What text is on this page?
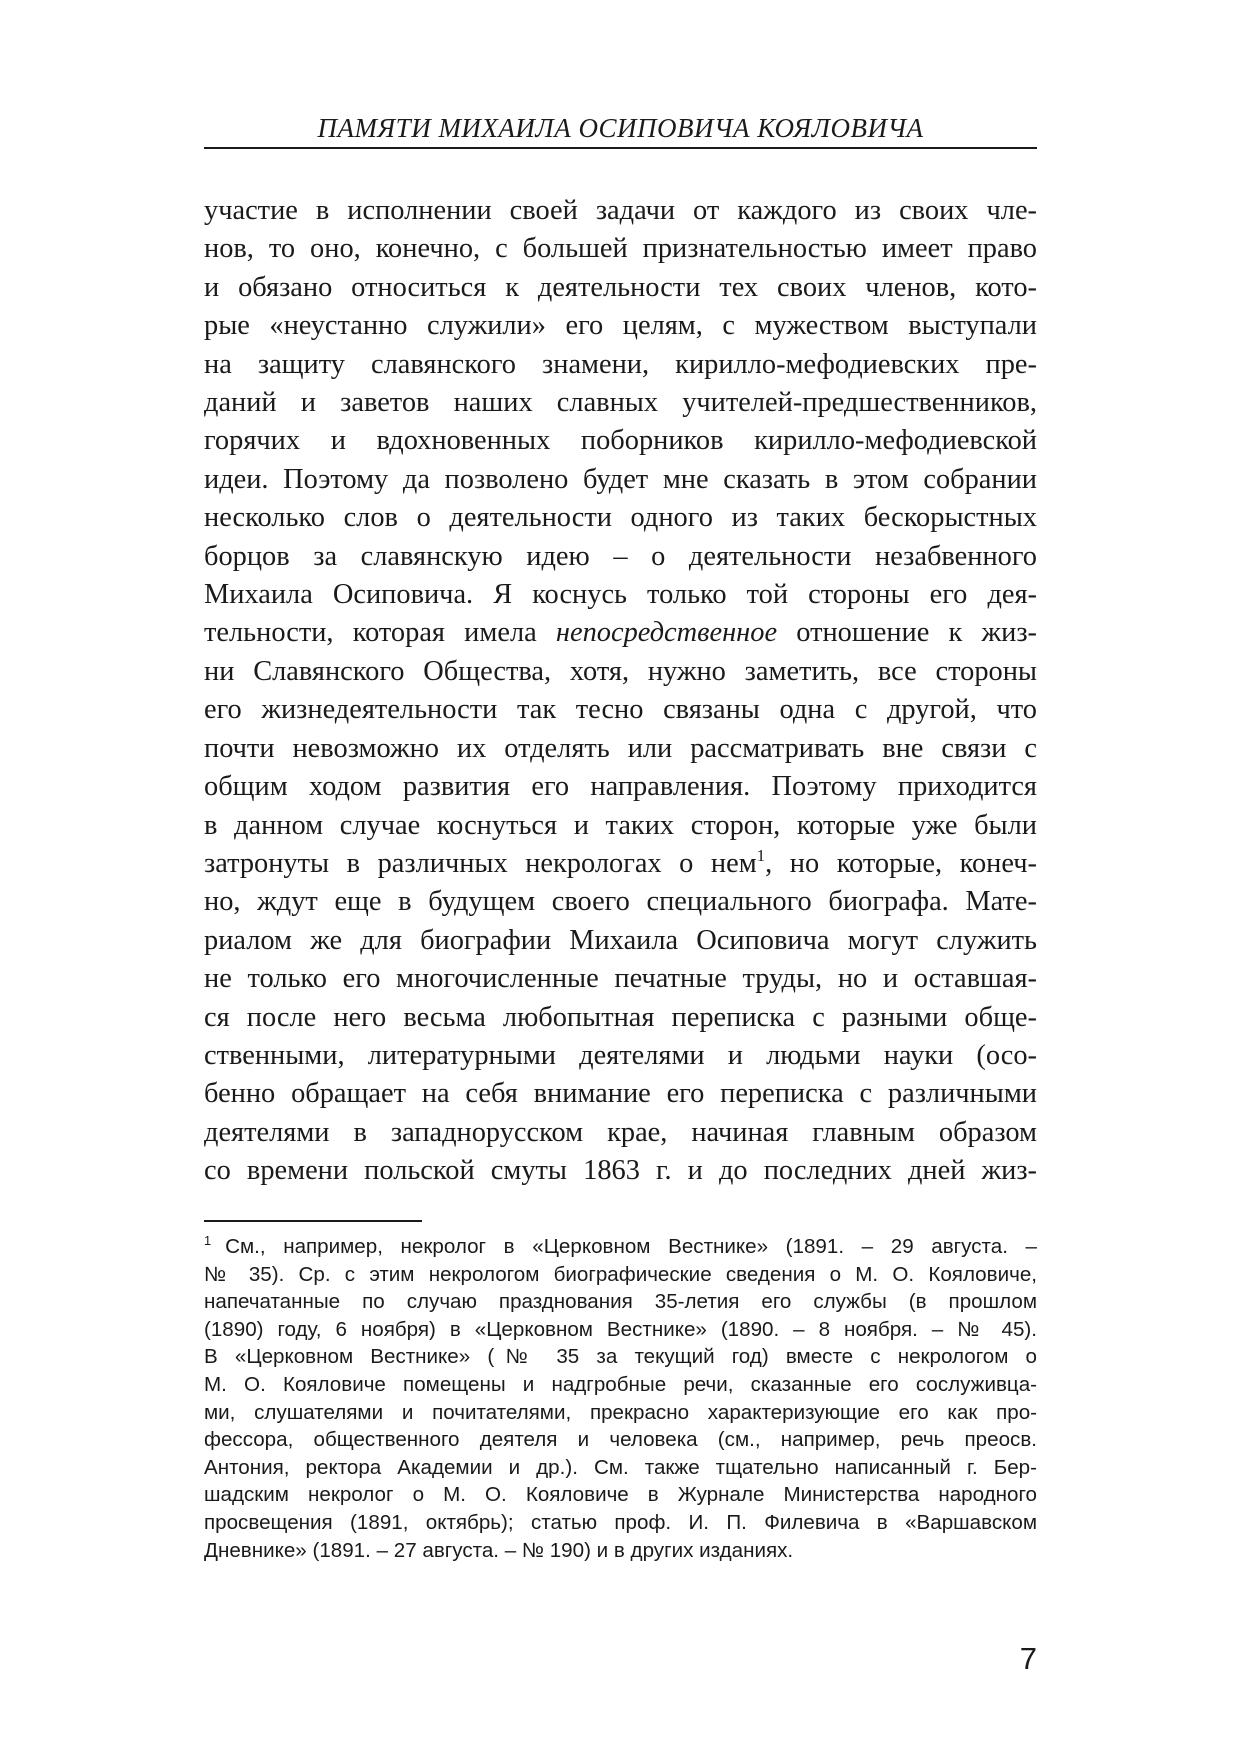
ПАМЯТИ МИХАИЛА ОСИПОВИЧА КОЯЛОВИЧА
участие в исполнении своей задачи от каждого из своих чле-
нов, то оно, конечно, с большей признательностью имеет право
и обязано относиться к деятельности тех своих членов, кото-
рые «неустанно служили» его целям, с мужеством выступали
на защиту славянского знамени, кирилло-мефодиевских пре-
даний и заветов наших славных учителей-предшественников,
горячих и вдохновенных поборников кирилло-мефодиевской
идеи. Поэтому да позволено будет мне сказать в этом собрании
несколько слов о деятельности одного из таких бескорыстных
борцов за славянскую идею – о деятельности незабвенного
Михаила Осиповича. Я коснусь только той стороны его дея-
тельности, которая имела непосредственное отношение к жиз-
ни Славянского Общества, хотя, нужно заметить, все стороны
его жизнедеятельности так тесно связаны одна с другой, что
почти невозможно их отделять или рассматривать вне связи с
общим ходом развития его направления. Поэтому приходится
в данном случае коснуться и таких сторон, которые уже были
затронуты в различных некрологах о нем$^1$, но которые, конеч-
но, ждут еще в будущем своего специального биографа. Мате-
риалом же для биографии Михаила Осиповича могут служить
не только его многочисленные печатные труды, но и оставшая-
ся после него весьма любопытная переписка с разными обще-
ственными, литературными деятелями и людьми науки (осо-
бенно обращает на себя внимание его переписка с различными
деятелями в западнорусском крае, начиная главным образом
со времени польской смуты 1863 г. и до последних дней жиз-
$^1$ См., например, некролог в «Церковном Вестнике» (1891. – 29 августа. –
№ 35). Ср. с этим некрологом биографические сведения о М. О. Кояловиче,
напечатанные по случаю празднования 35-летия его службы (в прошлом
(1890) году, 6 ноября) в «Церковном Вестнике» (1890. – 8 ноября. – № 45).
В «Церковном Вестнике» (№ 35 за текущий год) вместе с некрологом о
М. О. Кояловиче помещены и надгробные речи, сказанные его сослуживца-
ми, слушателями и почитателями, прекрасно характеризующие его как про-
фессора, общественного деятеля и человека (см., например, речь преосв.
Антония, ректора Академии и др.). См. также тщательно написанный г. Бер-
шадским некролог о М. О. Кояловиче в Журнале Министерства народного
просвещения (1891, октябрь); статью проф. И. П. Филевича в «Варшавском
Дневнике» (1891. – 27 августа. – № 190) и в других изданиях.
7
